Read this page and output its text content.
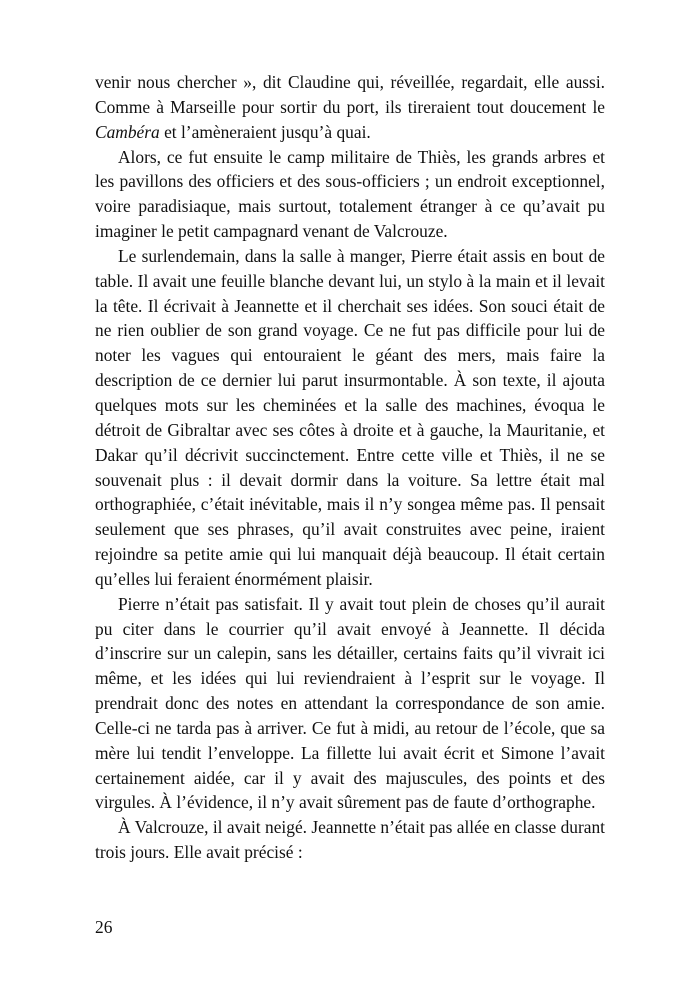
venir nous chercher », dit Claudine qui, réveillée, regardait, elle aussi. Comme à Marseille pour sortir du port, ils tireraient tout doucement le Cambéra et l’amèneraient jusqu’à quai.

Alors, ce fut ensuite le camp militaire de Thiès, les grands arbres et les pavillons des officiers et des sous-officiers ; un endroit exceptionnel, voire paradisiaque, mais surtout, totalement étranger à ce qu’avait pu imaginer le petit campagnard venant de Valcrouze.

Le surlendemain, dans la salle à manger, Pierre était assis en bout de table. Il avait une feuille blanche devant lui, un stylo à la main et il levait la tête. Il écrivait à Jeannette et il cherchait ses idées. Son souci était de ne rien oublier de son grand voyage. Ce ne fut pas difficile pour lui de noter les vagues qui entouraient le géant des mers, mais faire la description de ce dernier lui parut insurmontable. À son texte, il ajouta quelques mots sur les cheminées et la salle des machines, évoqua le détroit de Gibraltar avec ses côtes à droite et à gauche, la Mauritanie, et Dakar qu’il décrivit succinctement. Entre cette ville et Thiès, il ne se souvenait plus : il devait dormir dans la voiture. Sa lettre était mal orthographiée, c’était inévitable, mais il n’y songea même pas. Il pensait seulement que ses phrases, qu’il avait construites avec peine, iraient rejoindre sa petite amie qui lui manquait déjà beaucoup. Il était certain qu’elles lui feraient énormément plaisir.

Pierre n’était pas satisfait. Il y avait tout plein de choses qu’il aurait pu citer dans le courrier qu’il avait envoyé à Jeannette. Il décida d’inscrire sur un calepin, sans les détailler, certains faits qu’il vivrait ici même, et les idées qui lui reviendraient à l’esprit sur le voyage. Il prendrait donc des notes en attendant la correspondance de son amie. Celle-ci ne tarda pas à arriver. Ce fut à midi, au retour de l’école, que sa mère lui tendit l’enveloppe. La fillette lui avait écrit et Simone l’avait certainement aidée, car il y avait des majuscules, des points et des virgules. À l’évidence, il n’y avait sûrement pas de faute d’orthographe.

À Valcrouze, il avait neigé. Jeannette n’était pas allée en classe durant trois jours. Elle avait précisé :

26
